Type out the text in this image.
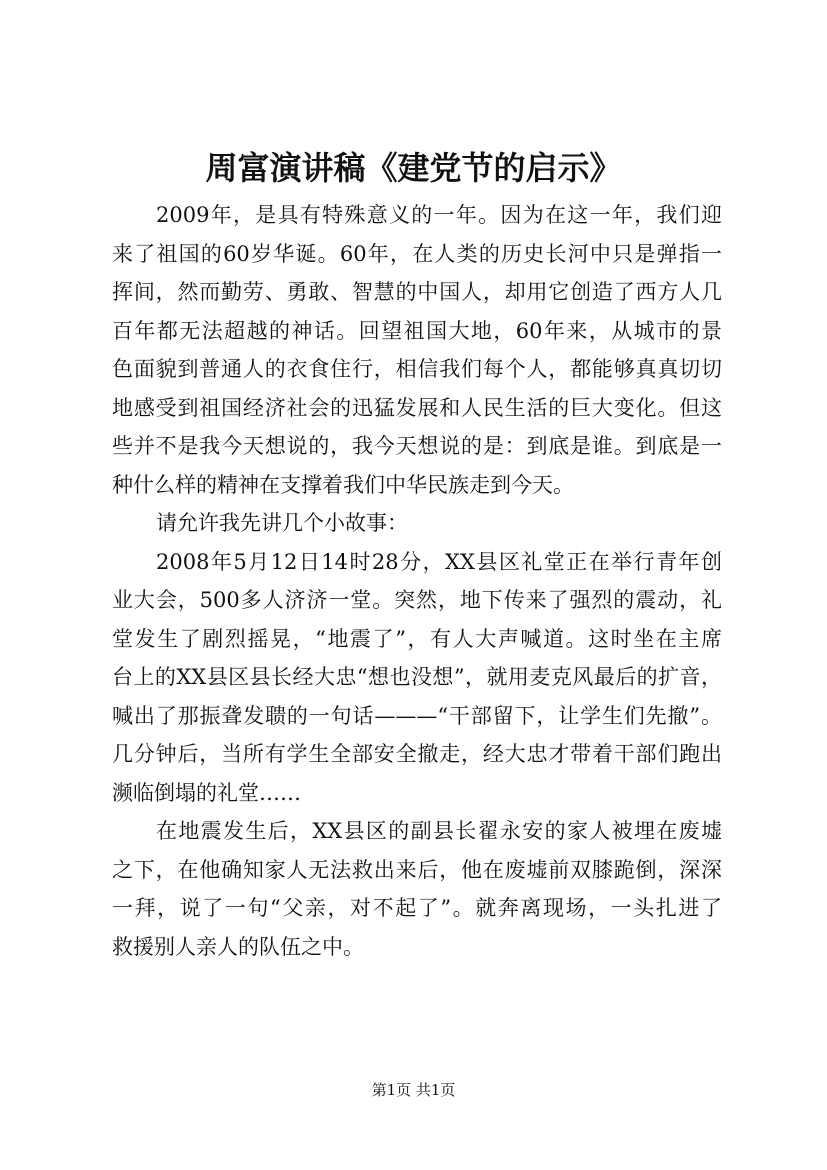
周富演讲稿《建党节的启示》
2009年，是具有特殊意义的一年。因为在这一年，我们迎
来了祖国的60岁华诞。60年，在人类的历史长河中只是弹指一
挥间，然而勤劳、勇敢、智慧的中国人，却用它创造了西方人几
百年都无法超越的神话。回望祖国大地，60年来，从城市的景
色面貌到普通人的衣食住行，相信我们每个人，都能够真真切切
地感受到祖国经济社会的迅猛发展和人民生活的巨大变化。但这
些并不是我今天想说的，我今天想说的是：到底是谁。到底是一
种什么样的精神在支撑着我们中华民族走到今天。
请允许我先讲几个小故事：
2008年5月12日14时28分，XX县区礼堂正在举行青年创
业大会，500多人济济一堂。突然，地下传来了强烈的震动，礼
堂发生了剧烈摇晃，“地震了”，有人大声喊道。这时坐在主席
台上的XX县区县长经大忠“想也没想”，就用麦克风最后的扩音，
喊出了那振聋发聩的一句话———“干部留下，让学生们先撤”。
几分钟后，当所有学生全部安全撤走，经大忠才带着干部们跑出
濒临倒塌的礼堂……
在地震发生后，XX县区的副县长翟永安的家人被埋在废墟
之下，在他确知家人无法救出来后，他在废墟前双膝跪倒，深深
一拜，说了一句“父亲，对不起了”。就奔离现场，一头扎进了
救援别人亲人的队伍之中。
第1页 共1页
